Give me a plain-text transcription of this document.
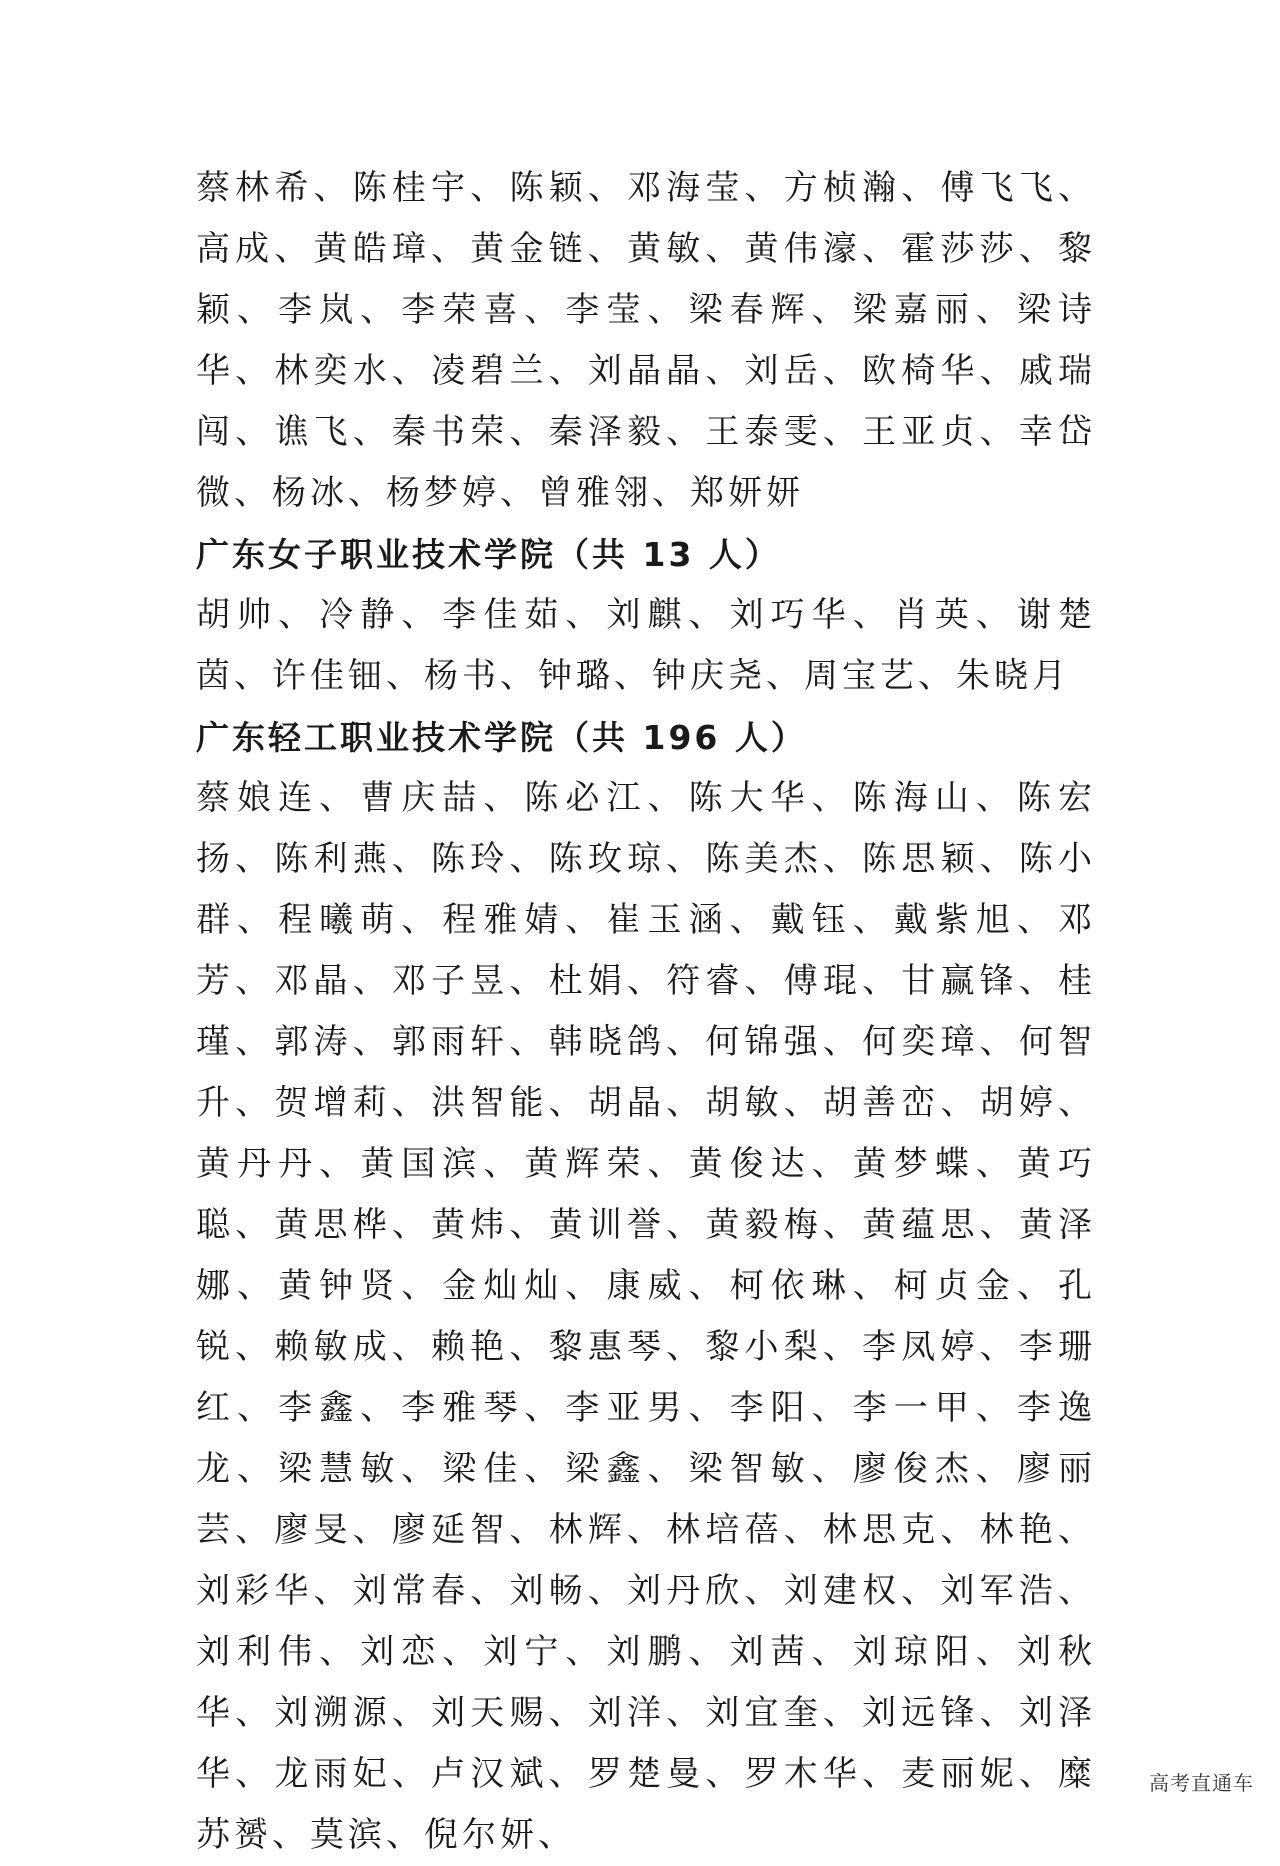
蔡林希、陈桂宇、陈颖、邓海莹、方桢瀚、傅飞飞、高成、黄皓璋、黄金链、黄敏、黄伟濠、霍莎莎、黎颖、李岚、李荣喜、李莹、梁春辉、梁嘉丽、梁诗华、林奕水、凌碧兰、刘晶晶、刘岳、欧椅华、戚瑞闯、谯飞、秦书荣、秦泽毅、王泰雯、王亚贞、幸岱微、杨冰、杨梦婷、曾雅翎、郑妍妍

广东女子职业技术学院（共 13 人）

胡帅、冷静、李佳茹、刘麒、刘巧华、肖英、谢楚茵、许佳钿、杨书、钟璐、钟庆尧、周宝艺、朱晓月

广东轻工职业技术学院（共 196 人）

蔡娘连、曹庆喆、陈必江、陈大华、陈海山、陈宏扬、陈利燕、陈玲、陈玫琼、陈美杰、陈思颖、陈小群、程曦萌、程雅婧、崔玉涵、戴钰、戴紫旭、邓芳、邓晶、邓子昱、杜娟、符睿、傅琨、甘赢锋、桂瑾、郭涛、郭雨轩、韩晓鸽、何锦强、何奕璋、何智升、贺增莉、洪智能、胡晶、胡敏、胡善峦、胡婷、黄丹丹、黄国滨、黄辉荣、黄俊达、黄梦蝶、黄巧聪、黄思桦、黄炜、黄训誉、黄毅梅、黄蕴思、黄泽娜、黄钟贤、金灿灿、康威、柯依琳、柯贞金、孔锐、赖敏成、赖艳、黎惠琴、黎小梨、李凤婷、李珊红、李鑫、李雅琴、李亚男、李阳、李一甲、李逸龙、梁慧敏、梁佳、梁鑫、梁智敏、廖俊杰、廖丽芸、廖旻、廖延智、林辉、林培蓓、林思克、林艳、刘彩华、刘常春、刘畅、刘丹欣、刘建权、刘军浩、刘利伟、刘恋、刘宁、刘鹏、刘茜、刘琼阳、刘秋华、刘溯源、刘天赐、刘洋、刘宜奎、刘远锋、刘泽华、龙雨妃、卢汉斌、罗楚曼、罗木华、麦丽妮、糜苏赟、莫滨、倪尔妍、

高考直通车
